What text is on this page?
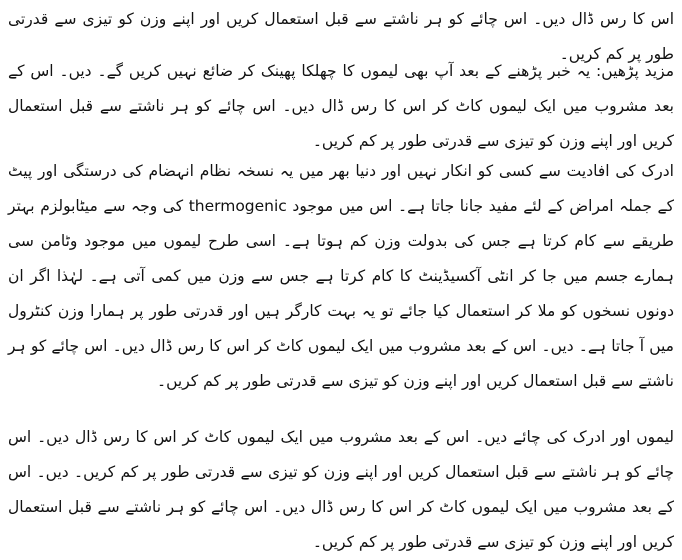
اس کا رس ڈال دیں۔ اس چائے کو ہر ناشتے سے قبل استعمال کریں اور اپنے وزن کو تیزی سے قدرتی طور پر کم کریں۔

مزید پڑھیں: یہ خبر پڑھنے کے بعد آپ بھی لیموں کا چھلکا پھینک کر ضائع نہیں کریں گے۔ دیں۔ اس کے بعد مشروب میں ایک لیموں کاٹ کر اس کا رس ڈال دیں۔ اس چائے کو ہر ناشتے سے قبل استعمال کریں اور اپنے وزن کو تیزی سے قدرتی طور پر کم کریں۔

ادرک کی افادیت سے کسی کو انکار نہیں اور دنیا بھر میں یہ نسخہ نظام انہضام کی درستگی اور پیٹ کے جملہ امراض کے لئے مفید جانا جاتا ہے۔ اس میں موجود thermogenic کی وجہ سے میٹابولزم بہتر طریقے سے کام کرتا ہے جس کی بدولت وزن کم ہوتا ہے۔ اسی طرح لیموں میں موجود وٹامن سی ہمارے جسم میں جا کر انٹی آکسیڈینٹ کا کام کرتا ہے جس سے وزن میں کمی آتی ہے۔ لہٰذا اگر ان دونوں نسخوں کو ملا کر استعمال کیا جائے تو یہ بہت کارگر ہیں اور قدرتی طور پر ہمارا وزن کنٹرول میں آ جاتا ہے۔ دیں۔ اس کے بعد مشروب میں ایک لیموں کاٹ کر اس کا رس ڈال دیں۔ اس چائے کو ہر ناشتے سے قبل استعمال کریں اور اپنے وزن کو تیزی سے قدرتی طور پر کم کریں۔

لیموں اور ادرک کی چائے دیں۔ اس کے بعد مشروب میں ایک لیموں کاٹ کر اس کا رس ڈال دیں۔ اس چائے کو ہر ناشتے سے قبل استعمال کریں اور اپنے وزن کو تیزی سے قدرتی طور پر کم کریں۔ دیں۔ اس کے بعد مشروب میں ایک لیموں کاٹ کر اس کا رس ڈال دیں۔ اس چائے کو ہر ناشتے سے قبل استعمال کریں اور اپنے وزن کو تیزی سے قدرتی طور پر کم کریں۔
